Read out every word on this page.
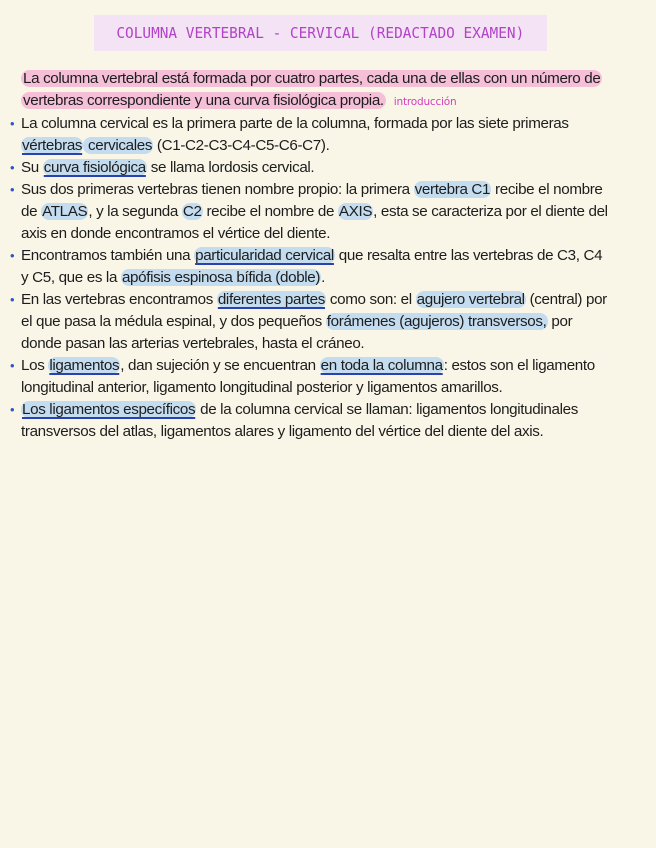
COLUMNA VERTEBRAL - CERVICAL (REDACTADO EXAMEN)

La columna vertebral está formada por cuatro partes, cada una de ellas con un número de vertebras correspondiente y una curva fisiológica propia. introducción

• La columna cervical es la primera parte de la columna, formada por las siete primeras vértebras cervicales (C1-C2-C3-C4-C5-C6-C7).

• Su curva fisiológica se llama lordosis cervical.

• Sus dos primeras vertebras tienen nombre propio: la primera vertebra C1 recibe el nombre de ATLAS, y la segunda C2 recibe el nombre de AXIS, esta se caracteriza por el diente del axis en donde encontramos el vértice del diente.

• Encontramos también una particularidad cervical que resalta entre las vertebras de C3, C4 y C5, que es la apófisis espinosa bífida (doble).

• En las vertebras encontramos diferentes partes como son: el agujero vertebral (central) por el que pasa la médula espinal, y dos pequeños forámenes (agujeros) transversos, por donde pasan las arterias vertebrales, hasta el cráneo.

• Los ligamentos, dan sujeción y se encuentran en toda la columna: estos son el ligamento longitudinal anterior, ligamento longitudinal posterior y ligamentos amarillos.

• Los ligamentos específicos de la columna cervical se llaman: ligamentos longitudinales transversos del atlas, ligamentos alares y ligamento del vértice del diente del axis.
